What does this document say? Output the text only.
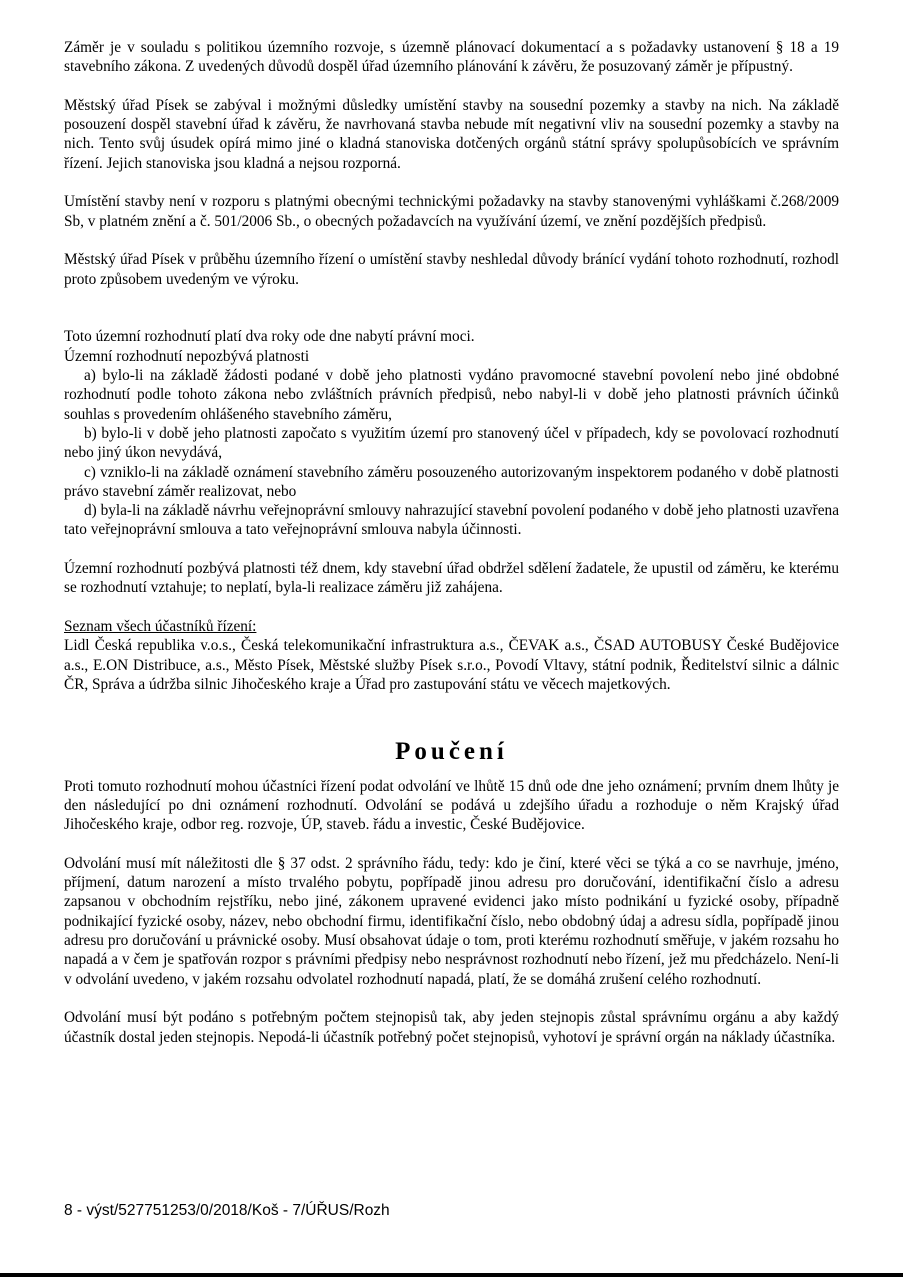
Záměr je v souladu s politikou územního rozvoje, s územně plánovací dokumentací a s požadavky ustanovení § 18 a 19 stavebního zákona. Z uvedených důvodů dospěl úřad územního plánování k závěru, že posuzovaný záměr je přípustný.

Městský úřad Písek se zabýval i možnými důsledky umístění stavby na sousední pozemky a stavby na nich. Na základě posouzení dospěl stavební úřad k závěru, že navrhovaná stavba nebude mít negativní vliv na sousední pozemky a stavby na nich. Tento svůj úsudek opírá mimo jiné o kladná stanoviska dotčených orgánů státní správy spolupůsobících ve správním řízení. Jejich stanoviska jsou kladná a nejsou rozporná.

Umístění stavby není v rozporu s platnými obecnými technickými požadavky na stavby stanovenými vyhláškami č.268/2009 Sb, v platném znění a č. 501/2006 Sb., o obecných požadavcích na využívání území, ve znění pozdějších předpisů.

Městský úřad Písek v průběhu územního řízení o umístění stavby neshledal důvody bránící vydání tohoto rozhodnutí, rozhodl proto způsobem uvedeným ve výroku.

Toto územní rozhodnutí platí dva roky ode dne nabytí právní moci.

Územní rozhodnutí nepozbývá platnosti

a) bylo-li na základě žádosti podané v době jeho platnosti vydáno pravomocné stavební povolení nebo jiné obdobné rozhodnutí podle tohoto zákona nebo zvláštních právních předpisů, nebo nabyl-li v době jeho platnosti právních účinků souhlas s provedením ohlášeného stavebního záměru,

b) bylo-li v době jeho platnosti započato s využitím území pro stanovený účel v případech, kdy se povolovací rozhodnutí nebo jiný úkon nevydává,

c) vzniklo-li na základě oznámení stavebního záměru posouzeného autorizovaným inspektorem podaného v době platnosti právo stavební záměr realizovat, nebo

d) byla-li na základě návrhu veřejnoprávní smlouvy nahrazující stavební povolení podaného v době jeho platnosti uzavřena tato veřejnoprávní smlouva a tato veřejnoprávní smlouva nabyla účinnosti.

Územní rozhodnutí pozbývá platnosti též dnem, kdy stavební úřad obdržel sdělení žadatele, že upustil od záměru, ke kterému se rozhodnutí vztahuje; to neplatí, byla-li realizace záměru již zahájena.

Seznam všech účastníků řízení:

Lidl Česká republika v.o.s., Česká telekomunikační infrastruktura a.s., ČEVAK a.s., ČSAD AUTOBUSY České Budějovice a.s., E.ON Distribuce, a.s., Město Písek, Městské služby Písek s.r.o., Povodí Vltavy, státní podnik, Ředitelství silnic a dálnic ČR, Správa a údržba silnic Jihočeského kraje a Úřad pro zastupování státu ve věcech majetkových.

Poučení

Proti tomuto rozhodnutí mohou účastníci řízení podat odvolání ve lhůtě 15 dnů ode dne jeho oznámení; prvním dnem lhůty je den následující po dni oznámení rozhodnutí. Odvolání se podává u zdejšího úřadu a rozhoduje o něm Krajský úřad Jihočeského kraje, odbor reg. rozvoje, ÚP, staveb. řádu a investic, České Budějovice.

Odvolání musí mít náležitosti dle § 37 odst. 2 správního řádu, tedy: kdo je činí, které věci se týká a co se navrhuje, jméno, příjmení, datum narození a místo trvalého pobytu, popřípadě jinou adresu pro doručování, identifikační číslo a adresu zapsanou v obchodním rejstříku, nebo jiné, zákonem upravené evidenci jako místo podnikání u fyzické osoby, případně podnikající fyzické osoby, název, nebo obchodní firmu, identifikační číslo, nebo obdobný údaj a adresu sídla, popřípadě jinou adresu pro doručování u právnické osoby. Musí obsahovat údaje o tom, proti kterému rozhodnutí směřuje, v jakém rozsahu ho napadá a v čem je spatřován rozpor s právními předpisy nebo nesprávnost rozhodnutí nebo řízení, jež mu předcházelo. Není-li v odvolání uvedeno, v jakém rozsahu odvolatel rozhodnutí napadá, platí, že se domáhá zrušení celého rozhodnutí.

Odvolání musí být podáno s potřebným počtem stejnopisů tak, aby jeden stejnopis zůstal správnímu orgánu a aby každý účastník dostal jeden stejnopis. Nepodá-li účastník potřebný počet stejnopisů, vyhotoví je správní orgán na náklady účastníka.

8 - výst/527751253/0/2018/Koš - 7/ÚŘUS/Rozh
